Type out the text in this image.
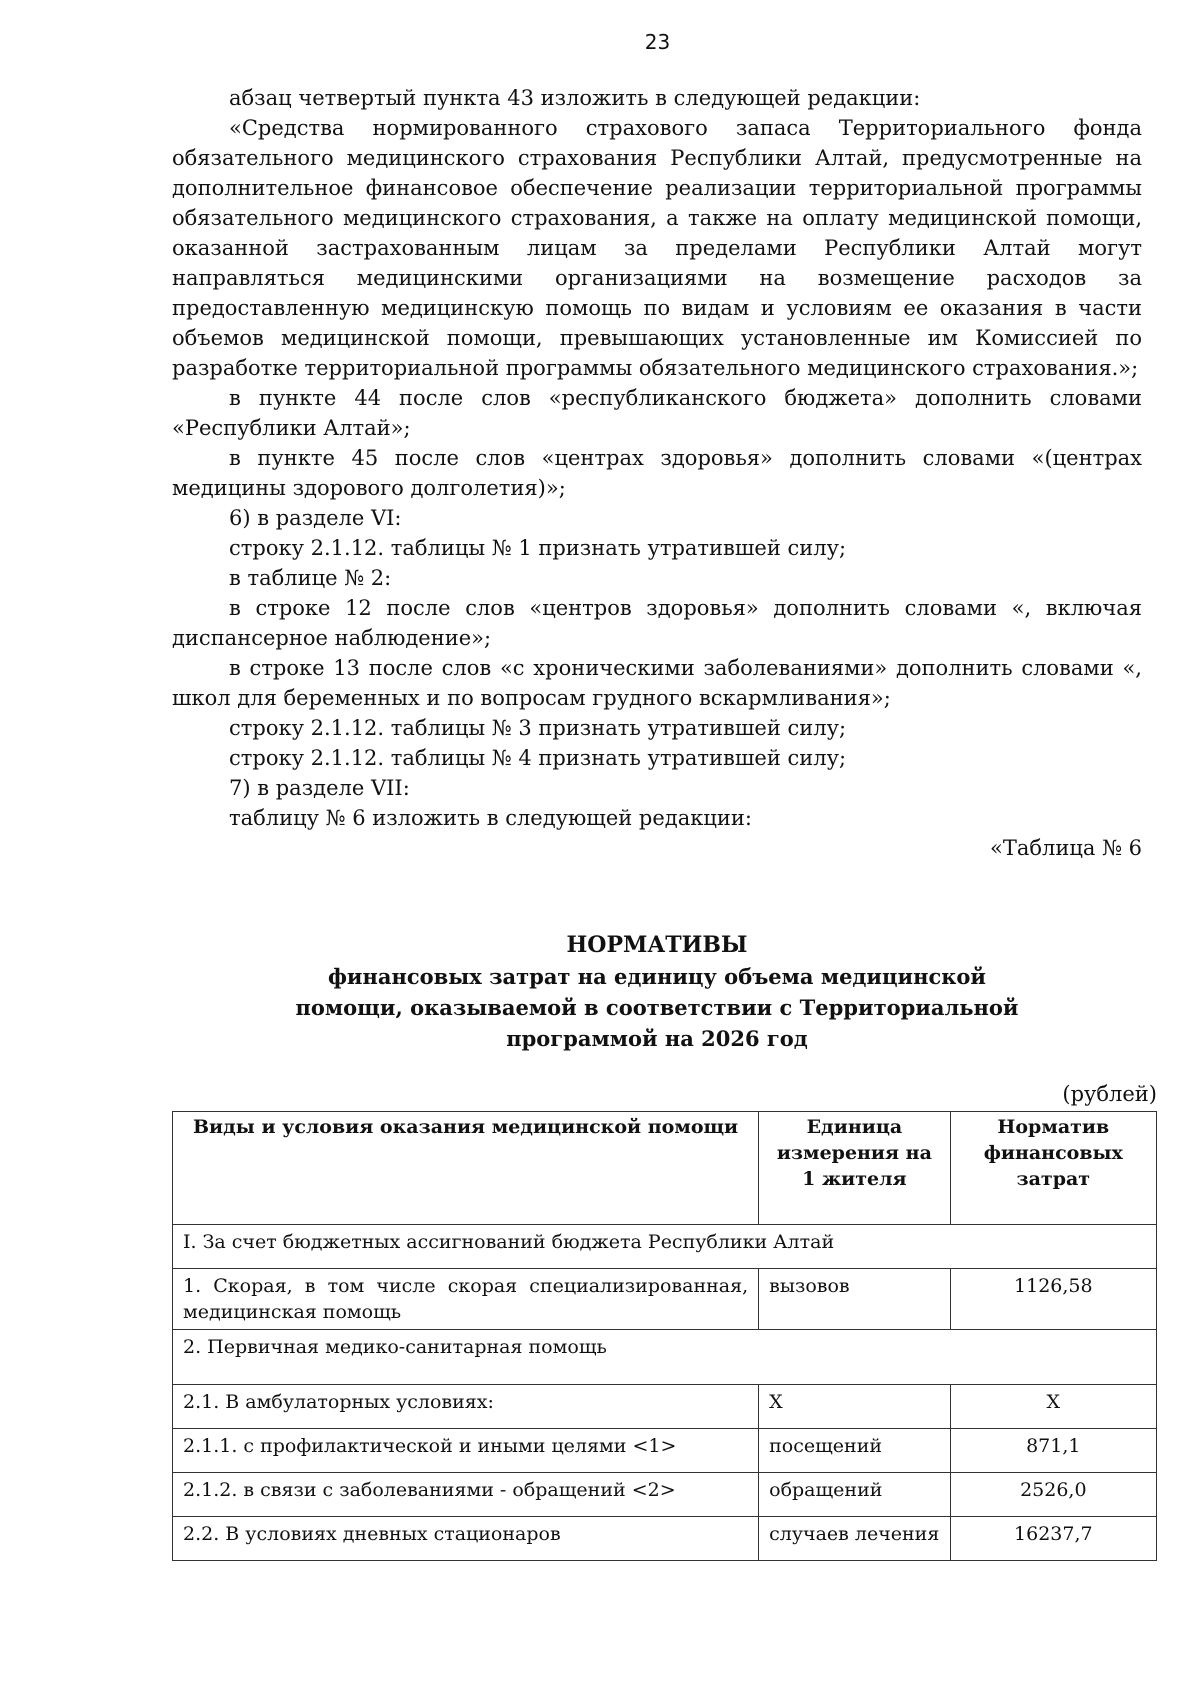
23

абзац четвертый пункта 43 изложить в следующей редакции:

«Средства нормированного страхового запаса Территориального фонда обязательного медицинского страхования Республики Алтай, предусмотренные на дополнительное финансовое обеспечение реализации территориальной программы обязательного медицинского страхования, а также на оплату медицинской помощи, оказанной застрахованным лицам за пределами Республики Алтай могут направляться медицинскими организациями на возмещение расходов за предоставленную медицинскую помощь по видам и условиям ее оказания в части объемов медицинской помощи, превышающих установленные им Комиссией по разработке территориальной программы обязательного медицинского страхования.»;

в пункте 44 после слов «республиканского бюджета» дополнить словами «Республики Алтай»;

в пункте 45 после слов «центрах здоровья» дополнить словами «(центрах медицины здорового долголетия)»;

6) в разделе VI:

строку 2.1.12. таблицы № 1 признать утратившей силу;

в таблице № 2:

в строке 12 после слов «центров здоровья» дополнить словами «, включая диспансерное наблюдение»;

в строке 13 после слов «с хроническими заболеваниями» дополнить словами «, школ для беременных и по вопросам грудного вскармливания»;

строку 2.1.12. таблицы № 3 признать утратившей силу;

строку 2.1.12. таблицы № 4 признать утратившей силу;

7) в разделе VII:

таблицу № 6 изложить в следующей редакции:

«Таблица № 6

НОРМАТИВЫ
финансовых затрат на единицу объема медицинской
помощи, оказываемой в соответствии с Территориальной
программой на 2026 год
(рублей)
Виды и условия оказания медицинской помощи	Единица измерения на 1 жителя	Норматив финансовых затрат
I. За счет бюджетных ассигнований бюджета Республики Алтай		
1. Скорая, в том числе скорая специализированная, медицинская помощь	вызовов	1126,58
2. Первичная медико-санитарная помощь		
2.1. В амбулаторных условиях:	X	X
2.1.1. с профилактической и иными целями <1>	посещений	871,1
2.1.2. в связи с заболеваниями - обращений <2>	обращений	2526,0
2.2. В условиях дневных стационаров	случаев лечения	16237,7
